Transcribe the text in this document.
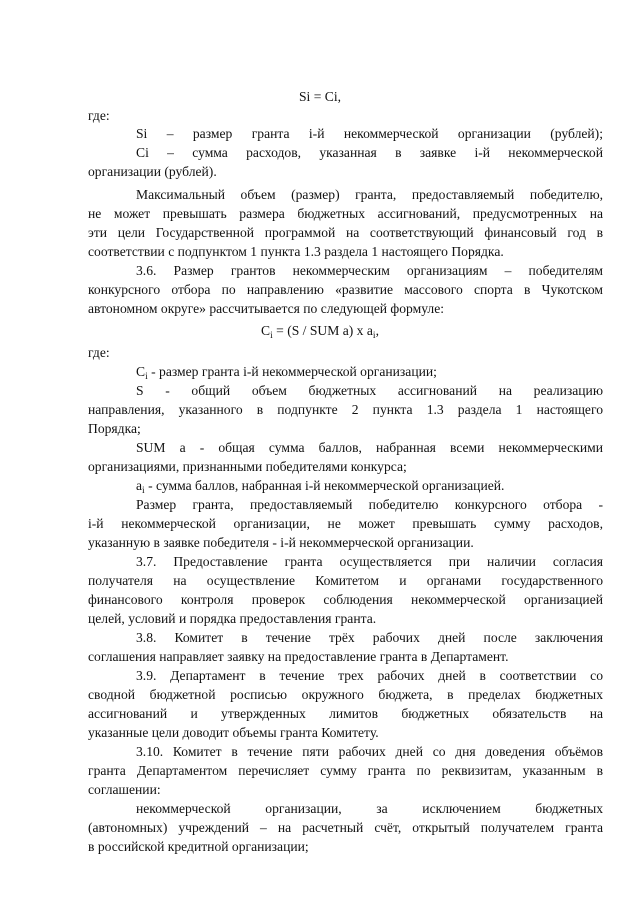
Si = Ci,
где:
Si – размер гранта i-й некоммерческой организации (рублей);
Ci – сумма расходов, указанная в заявке i-й некоммерческой
организации (рублей).
Максимальный объем (размер) гранта, предоставляемый победителю,
не может превышать размера бюджетных ассигнований, предусмотренных на
эти цели Государственной программой на соответствующий финансовый год в
соответствии с подпунктом 1 пункта 1.3 раздела 1 настоящего Порядка.
3.6. Размер грантов некоммерческим организациям – победителям
конкурсного отбора по направлению «развитие массового спорта в Чукотском
автономном округе» рассчитывается по следующей формуле:
$C_i = (S$ / SUM a) x $a_i$,
где:
$C_i$ - размер гранта i-й некоммерческой организации;
S - общий объем бюджетных ассигнований на реализацию
направления, указанного в подпункте 2 пункта 1.3 раздела 1 настоящего
Порядка;
SUM a - общая сумма баллов, набранная всеми некоммерческими
организациями, признанными победителями конкурса;
$a_i$ - сумма баллов, набранная i-й некоммерческой организацией.
Размер гранта, предоставляемый победителю конкурсного отбора -
i-й некоммерческой организации, не может превышать сумму расходов,
указанную в заявке победителя - i-й некоммерческой организации.
3.7. Предоставление гранта осуществляется при наличии согласия
получателя на осуществление Комитетом и органами государственного
финансового контроля проверок соблюдения некоммерческой организацией
целей, условий и порядка предоставления гранта.
3.8. Комитет в течение трёх рабочих дней после заключения
соглашения направляет заявку на предоставление гранта в Департамент.
3.9. Департамент в течение трех рабочих дней в соответствии со
сводной бюджетной росписью окружного бюджета, в пределах бюджетных
ассигнований и утвержденных лимитов бюджетных обязательств на
указанные цели доводит объемы гранта Комитету.
3.10. Комитет в течение пяти рабочих дней со дня доведения объёмов
гранта Департаментом перечисляет сумму гранта по реквизитам, указанным в
соглашении:
некоммерческой организации, за исключением бюджетных
(автономных) учреждений – на расчетный счёт, открытый получателем гранта
в российской кредитной организации;
